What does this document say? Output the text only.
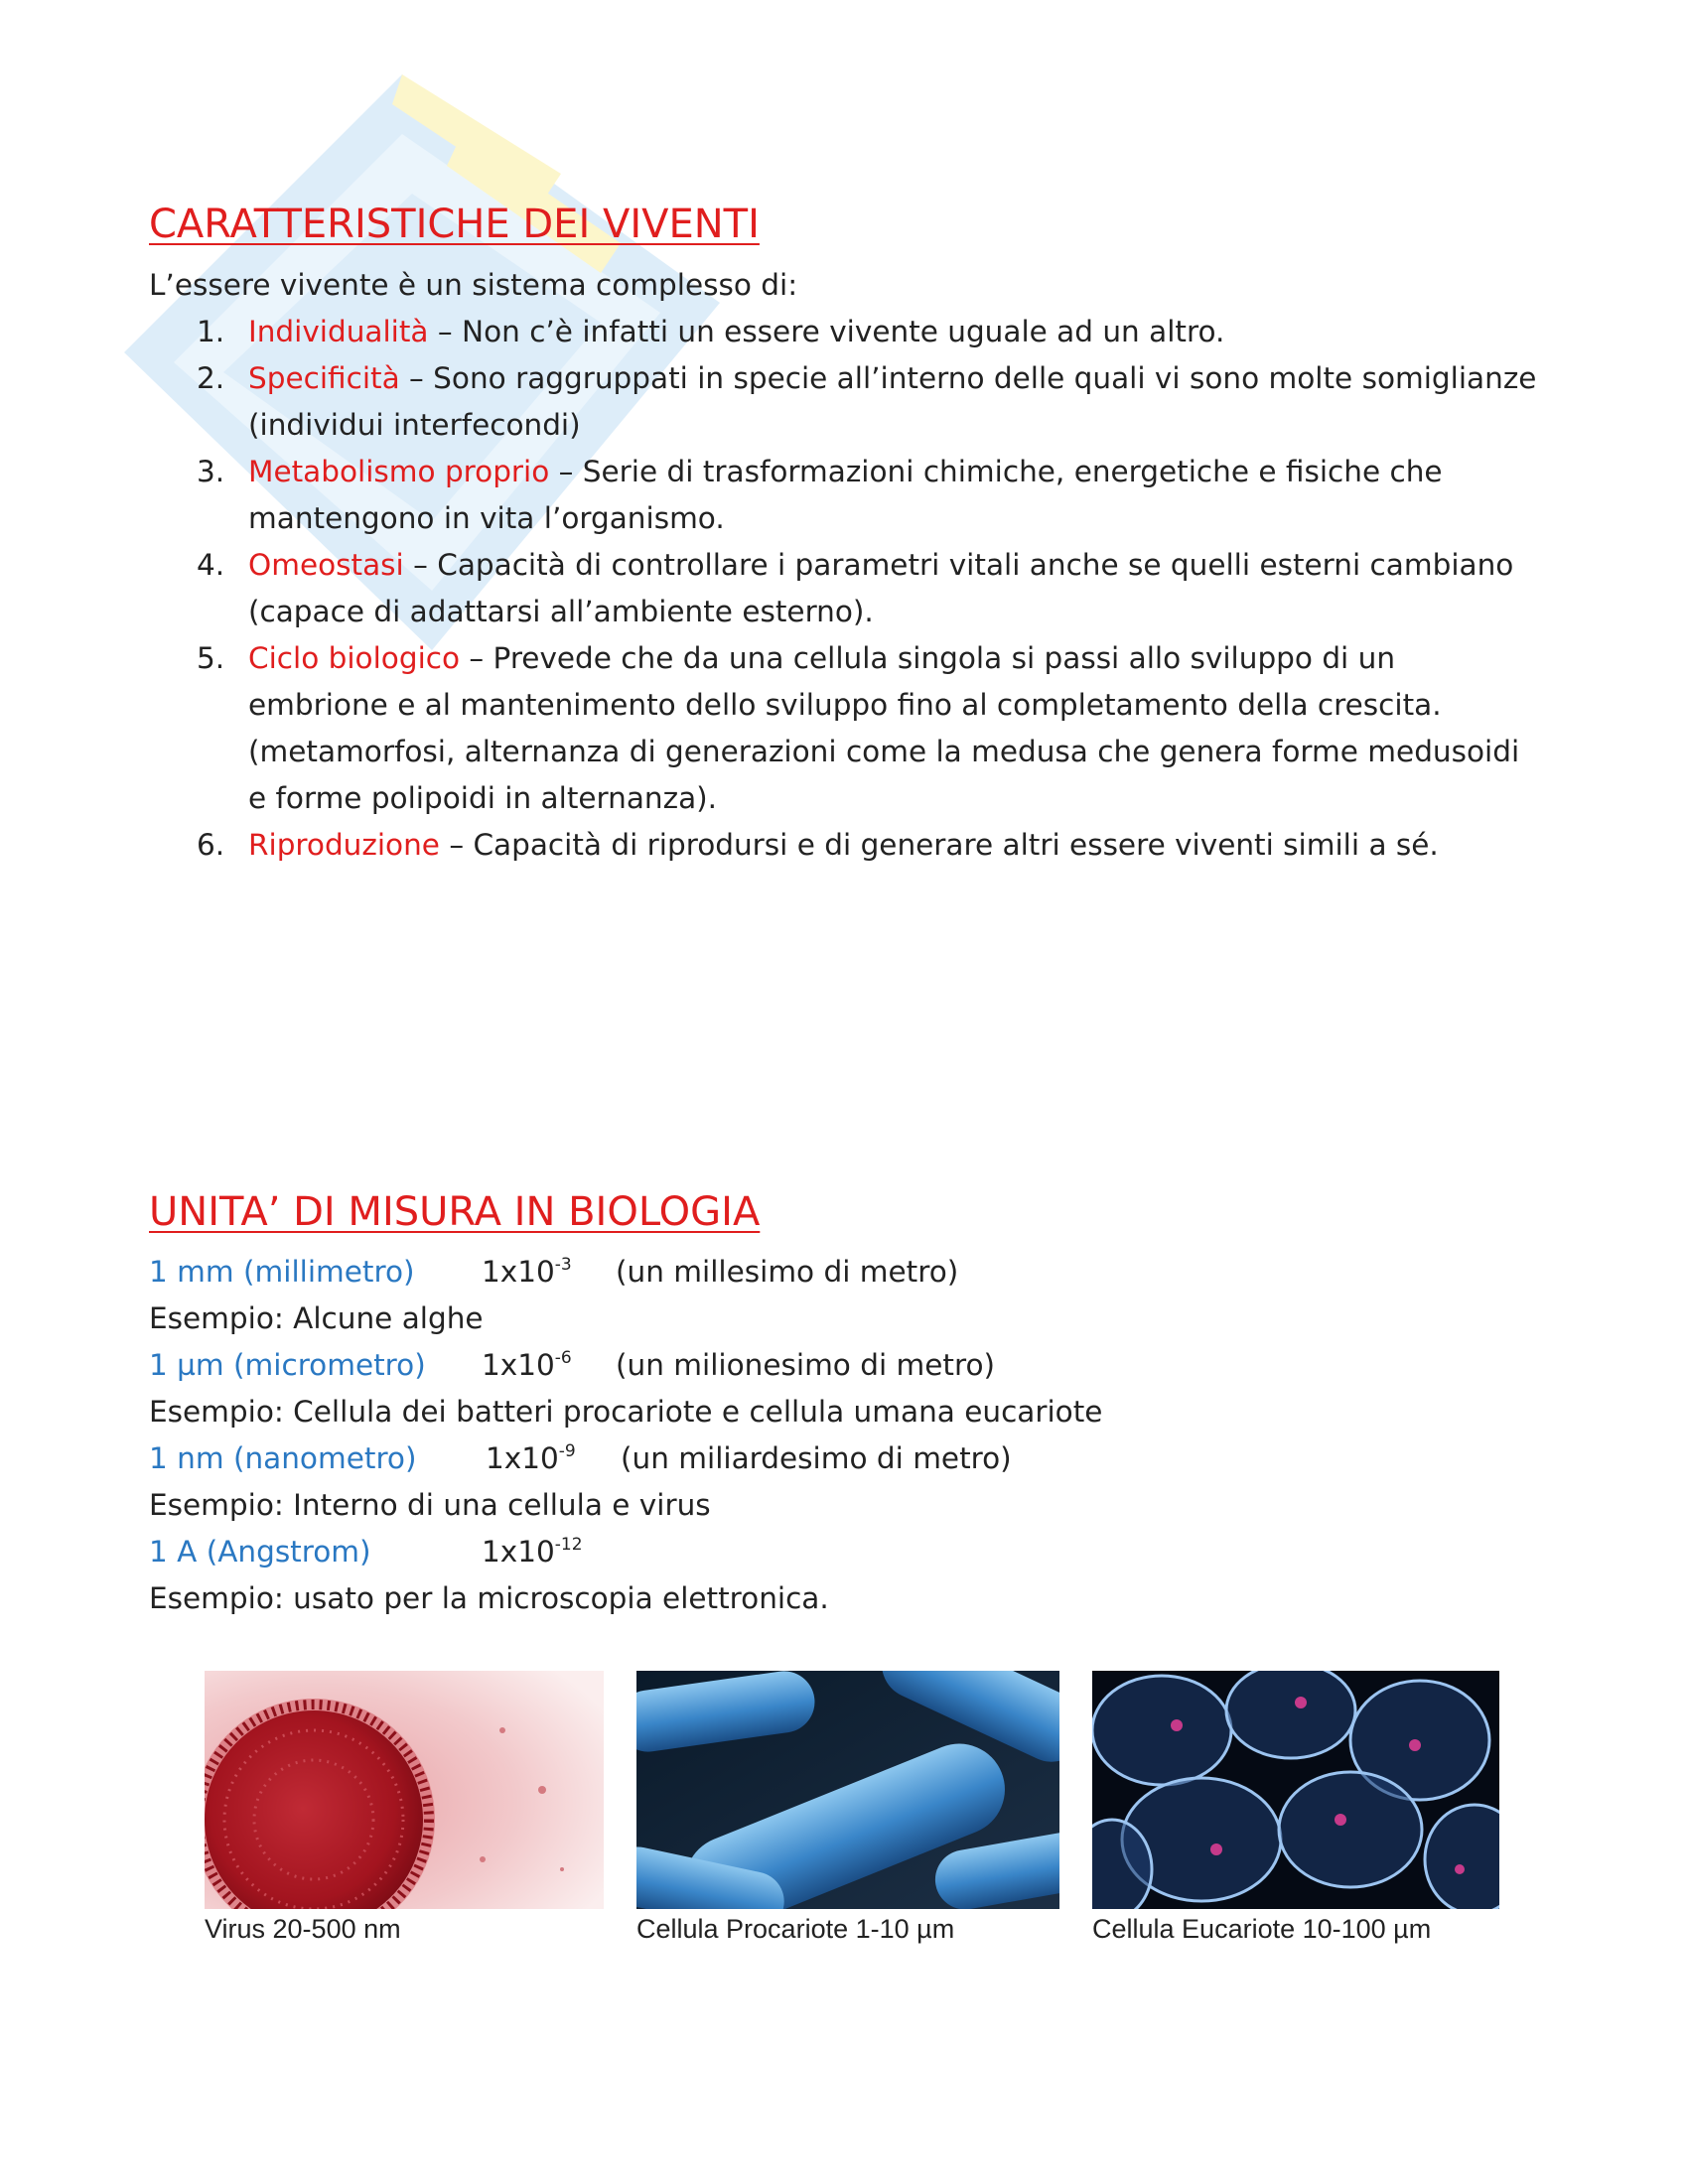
CARATTERISTICHE DEI VIVENTI
L’essere vivente è un sistema complesso di:
1. Individualità – Non c’è infatti un essere vivente uguale ad un altro.
2. Specificità – Sono raggruppati in specie all’interno delle quali vi sono molte somiglianze (individui interfecondi)
3. Metabolismo proprio – Serie di trasformazioni chimiche, energetiche e fisiche che mantengono in vita l’organismo.
4. Omeostasi – Capacità di controllare i parametri vitali anche se quelli esterni cambiano (capace di adattarsi all’ambiente esterno).
5. Ciclo biologico – Prevede che da una cellula singola si passi allo sviluppo di un embrione e al mantenimento dello sviluppo fino al completamento della crescita. (metamorfosi, alternanza di generazioni come la medusa che genera forme medusoidi e forme polipoidi in alternanza).
6. Riproduzione – Capacità di riprodursi e di generare altri essere viventi simili a sé.
UNITA’ DI MISURA IN BIOLOGIA
1 mm (millimetro) $1x10^{-3}$ (un millesimo di metro)
Esempio: Alcune alghe
1 µm (micrometro) $1x10^{-6}$ (un milionesimo di metro)
Esempio: Cellula dei batteri procariote e cellula umana eucariote
1 nm (nanometro) $1x10^{-9}$ (un miliardesimo di metro)
Esempio: Interno di una cellula e virus
1 A (Angstrom)	$1x10^{-12}$
Esempio: usato per la microscopia elettronica.
Virus 20-500 nm	Cellula Procariote 1-10 µm	Cellula Eucariote 10-100 µm
